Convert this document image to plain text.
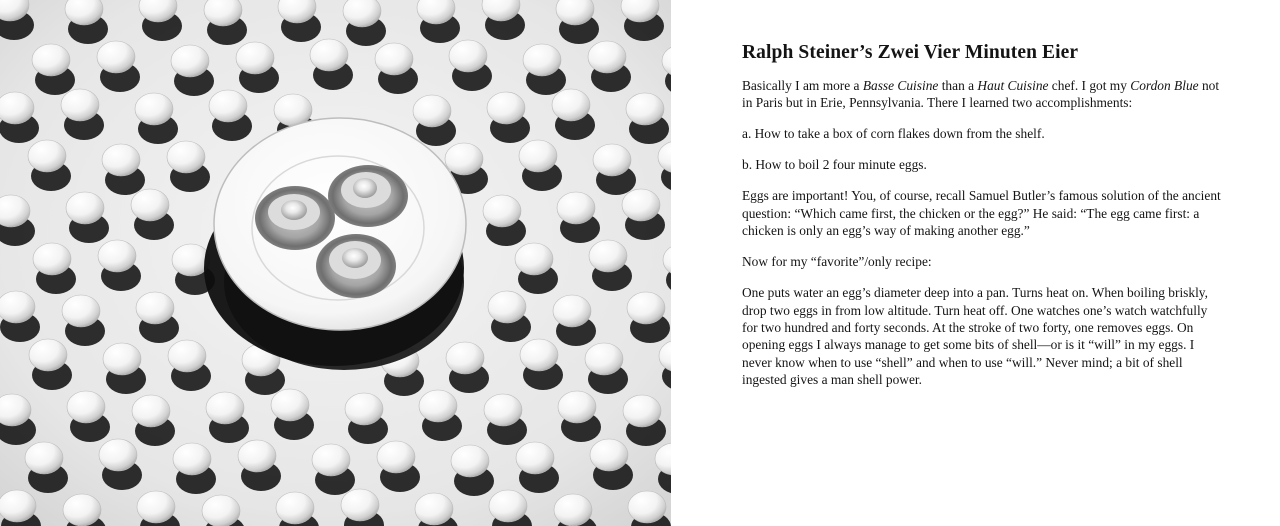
Ralph Steiner’s Zwei Vier Minuten Eier

Basically I am more a Basse Cuisine than a Haut Cuisine chef. I got my Cordon Blue not
in Paris but in Erie, Pennsylvania. There I learned two accomplishments:

a. How to take a box of corn flakes down from the shelf.

b. How to boil 2 four minute eggs.

Eggs are important! You, of course, recall Samuel Butler’s famous solution of the ancient
question: “Which came first, the chicken or the egg?” He said: “The egg came first: a
chicken is only an egg’s way of making another egg.”

Now for my “favorite”/only recipe:

One puts water an egg’s diameter deep into a pan. Turns heat on. When boiling briskly,
drop two eggs in from low altitude. Turn heat off. One watches one’s watch watchfully
for two hundred and forty seconds. At the stroke of two forty, one removes eggs. On
opening eggs I always manage to get some bits of shell—or is it “will” in my eggs. I
never know when to use “shell” and when to use “will.” Never mind; a bit of shell
ingested gives a man shell power.
